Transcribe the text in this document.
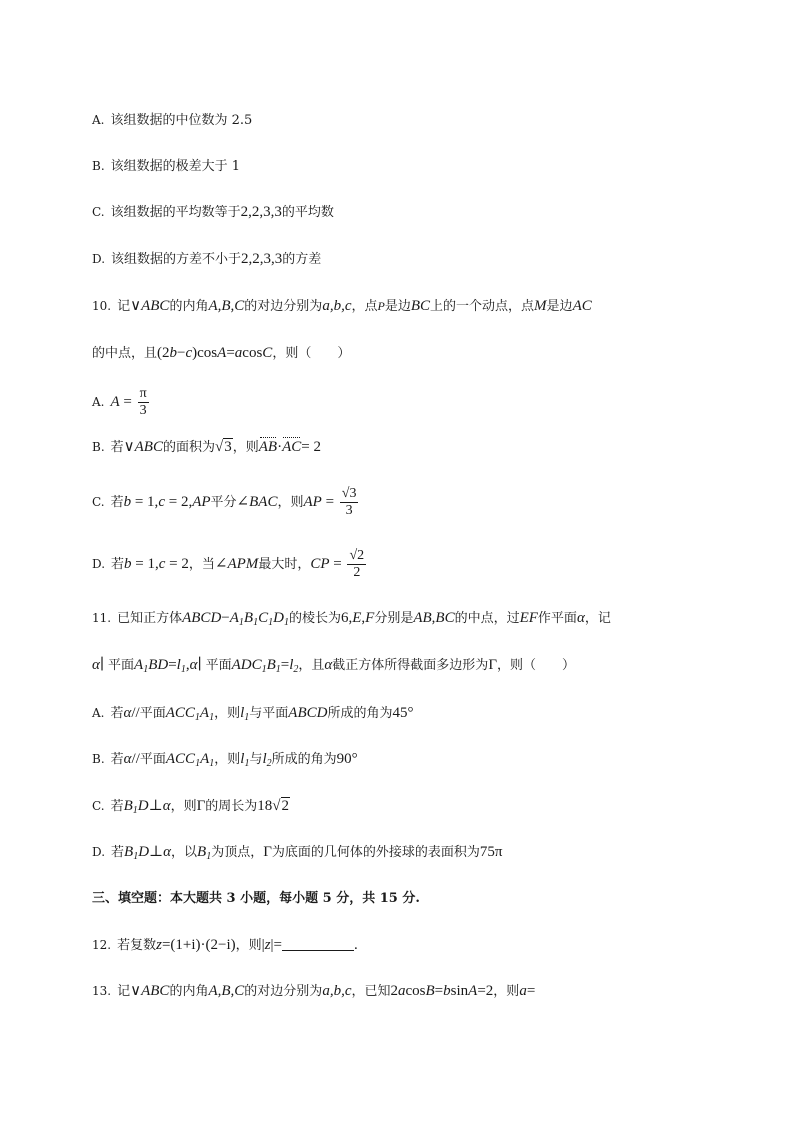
A. 该组数据的中位数为 2.5
B. 该组数据的极差大于 1
C. 该组数据的平均数等于2,2,3,3的平均数
D. 该组数据的方差不小于2,2,3,3的方差
10. 记∨ABC的内角A,B,C的对边分别为a,b,c，点P是边BC上的一个动点，点M是边AC
的中点，且(2b−c)cosA=acosC，则（　　）
A. $A = \frac{\pi}{3}$
B. 若∨ABC的面积为√3，则AB·AC= 2
C. 若b = 1,c = 2,AP平分∠BAC，则AP = $\frac{√3}{3}$
D. 若b = 1,c = 2，当∠APM最大时，CP = $\frac{√2}{2}$
11. 已知正方体$ABCD-A_1B_1C_1D_1$的棱长为6,E,F分别是AB,BC的中点，过EF作平面α，记
α∣ 平面$A_1BD=l_1,\alpha∣$ 平面$ADC_1B_1=l_2$，且α截正方体所得截面多边形为Γ，则（　　）
A. 若α//平面$ACC_1A_1$，则$l_1$与平面ABCD所成的角为45°
B. 若α//平面$ACC_1A_1$，则$l_1$与$l_2$所成的角为90°
C. 若$B_1D\perp\alpha$，则Γ的周长为18√2
D. 若$B_1D\perp\alpha$，以$B_1$为顶点，Γ为底面的几何体的外接球的表面积为75π
三、填空题：本大题共 3 小题，每小题 5 分，共 15 分.
12. 若复数z=(1+i)·(2−i)，则|z|=	.
13. 记∨ABC的内角A,B,C的对边分别为a,b,c，已知2acosB=bsinA=2，则a=
